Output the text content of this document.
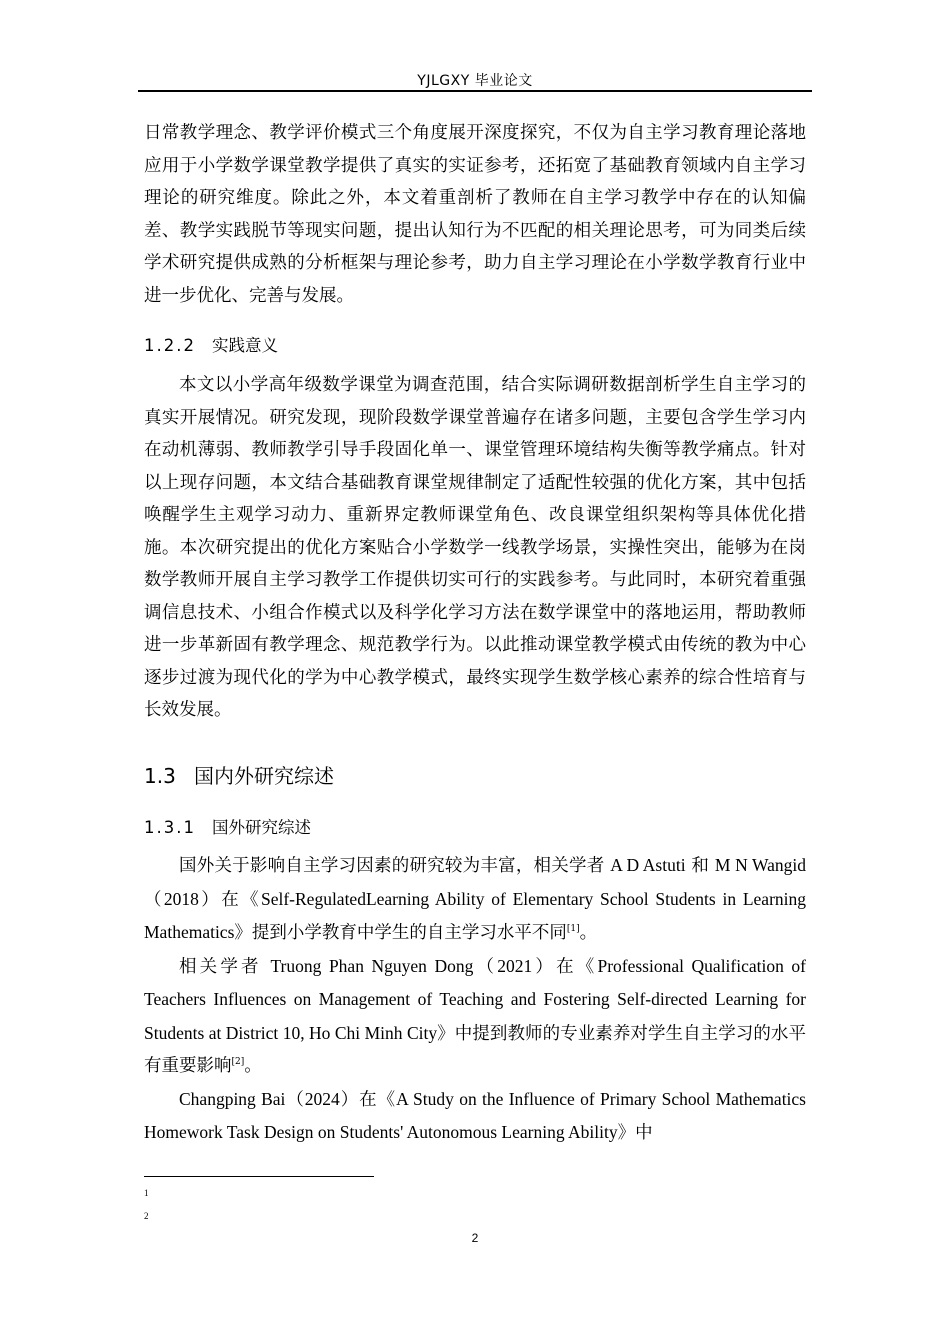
YJLGXY 毕业论文

日常教学理念、教学评价模式三个角度展开深度探究，不仅为自主学习教育理论落地应用于小学数学课堂教学提供了真实的实证参考，还拓宽了基础教育领域内自主学习理论的研究维度。除此之外，本文着重剖析了教师在自主学习教学中存在的认知偏差、教学实践脱节等现实问题，提出认知行为不匹配的相关理论思考，可为同类后续学术研究提供成熟的分析框架与理论参考，助力自主学习理论在小学数学教育行业中进一步优化、完善与发展。

1.2.2 实践意义

本文以小学高年级数学课堂为调查范围，结合实际调研数据剖析学生自主学习的真实开展情况。研究发现，现阶段数学课堂普遍存在诸多问题，主要包含学生学习内在动机薄弱、教师教学引导手段固化单一、课堂管理环境结构失衡等教学痛点。针对以上现存问题，本文结合基础教育课堂规律制定了适配性较强的优化方案，其中包括唤醒学生主观学习动力、重新界定教师课堂角色、改良课堂组织架构等具体优化措施。本次研究提出的优化方案贴合小学数学一线教学场景，实操性突出，能够为在岗数学教师开展自主学习教学工作提供切实可行的实践参考。与此同时，本研究着重强调信息技术、小组合作模式以及科学化学习方法在数学课堂中的落地运用，帮助教师进一步革新固有教学理念、规范教学行为。以此推动课堂教学模式由传统的教为中心逐步过渡为现代化的学为中心教学模式，最终实现学生数学核心素养的综合性培育与长效发展。

1.3 国内外研究综述
1.3.1 国外研究综述

国外关于影响自主学习因素的研究较为丰富，相关学者 A D Astuti 和 M N Wangid（2018）在《Self-RegulatedLearning Ability of Elementary School Students in Learning Mathematics》提到小学教育中学生的自主学习水平不同[1]。

相关学者 Truong Phan Nguyen Dong（2021）在《Professional Qualification of Teachers Influences on Management of Teaching and Fostering Self-directed Learning for Students at District 10, Ho Chi Minh City》中提到教师的专业素养对学生自主学习的水平有重要影响[2]。

Changping Bai（2024）在《A Study on the Influence of Primary School Mathematics Homework Task Design on Students' Autonomous Learning Ability》中

1
2
2
